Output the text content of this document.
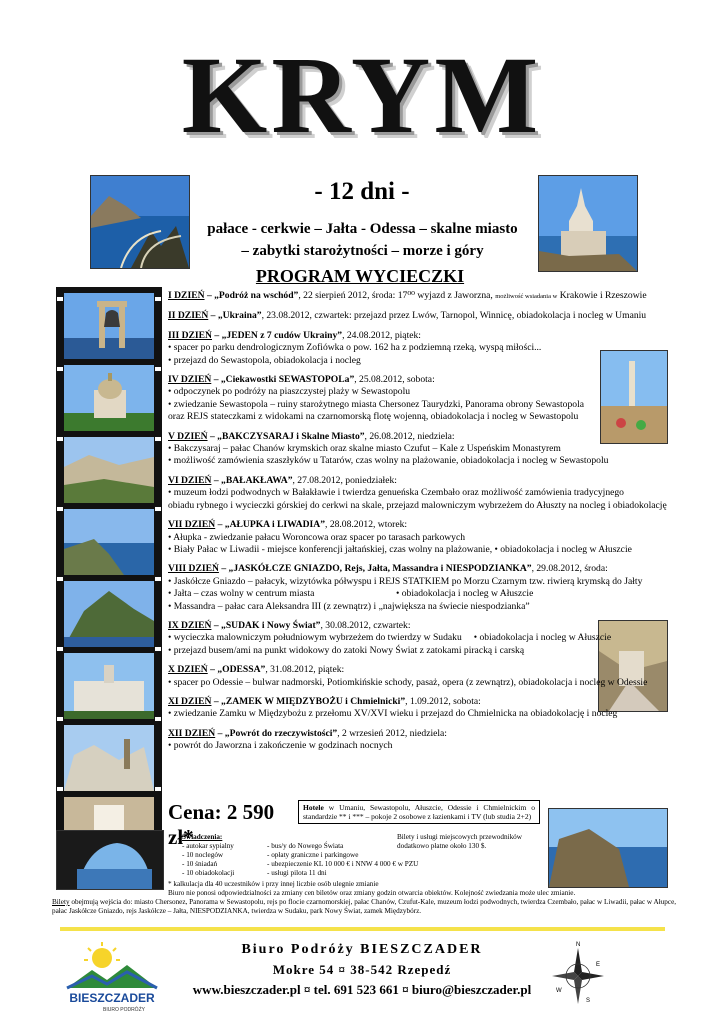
KRYM
- 12 dni -
pałace - cerkwie – Jałta - Odessa – skalne miasto
– zabytki starożytności – morze i góry
PROGRAM WYCIECZKI
I DZIEŃ – „Podróż na wschód”, 22 sierpień 2012, środa: 17⁰⁰ wyjazd z Jaworzna, możliwość wsiadania w Krakowie i Rzeszowie
II DZIEŃ – „Ukraina”, 23.08.2012, czwartek: przejazd przez Lwów, Tarnopol, Winnicę, obiadokolacja i nocleg w Umaniu
III DZIEŃ – „JEDEN z 7 cudów Ukrainy”, 24.08.2012, piątek:
• spacer po parku dendrologicznym Zofiówka o pow. 162 ha z podziemną rzeką, wyspą miłości...
• przejazd do Sewastopola, obiadokolacja i nocleg
IV DZIEŃ – „Ciekawostki SEWASTOPOLa”, 25.08.2012, sobota:
• odpoczynek po podróży na piaszczystej plaży w Sewastopolu
• zwiedzanie Sewastopola – ruiny starożytnego miasta Chersonez Taurydzki, Panorama obrony Sewastopola
oraz REJS stateczkami z widokami na czarnomorską flotę wojenną, obiadokolacja i nocleg w Sewastopolu
V DZIEŃ – „BAKCZYSARAJ i Skalne Miasto”, 26.08.2012, niedziela:
• Bakczysaraj – pałac Chanów krymskich oraz skalne miasto Czufut – Kale z Uspeńskim Monastyrem
• możliwość zamówienia szaszłyków u Tatarów, czas wolny na plażowanie, obiadokolacja i nocleg w Sewastopolu
VI DZIEŃ – „BAŁAKŁAWA”, 27.08.2012, poniedziałek:
• muzeum łodzi podwodnych w Bałakławie i twierdza genueńska Czembało oraz możliwość zamówienia tradycyjnego
obiadu rybnego i wycieczki górskiej do cerkwi na skale, przejazd malowniczym wybrzeżem do Ałuszty na nocleg i obiadokolację
VII DZIEŃ – „AŁUPKA i LIWADIA”, 28.08.2012, wtorek:
• Ałupka - zwiedzanie pałacu Woroncowa oraz spacer po tarasach parkowych
• Biały Pałac w Liwadii - miejsce konferencji jałtańskiej, czas wolny na plażowanie, • obiadokolacja i nocleg w Ałuszcie
VIII DZIEŃ – „JASKÓŁCZE GNIAZDO, Rejs, Jałta, Massandra i NIESPODZIANKA”, 29.08.2012, środa:
• Jaskółcze Gniazdo – pałacyk, wizytówka półwyspu i REJS STATKIEM po Morzu Czarnym tzw. riwierą krymską do Jałty
• Jałta – czas wolny w centrum miasta                                  • obiadokolacja i nocleg w Ałuszcie
• Massandra – pałac cara Aleksandra III (z zewnątrz) i „największa na świecie niespodzianka”
IX DZIEŃ – „SUDAK i Nowy Świat”, 30.08.2012, czwartek:
• wycieczka malowniczym południowym wybrzeżem do twierdzy w Sudaku     • obiadokolacja i nocleg w Ałuszcie
• przejazd busem/ami na punkt widokowy do zatoki Nowy Świat z zatokami piracką i carską
X DZIEŃ – „ODESSA”, 31.08.2012, piątek:
• spacer po Odessie – bulwar nadmorski, Potiomkińskie schody, pasaż, opera (z zewnątrz), obiadokolacja i nocleg w Odessie
XI DZIEŃ – „ZAMEK W MIĘDZYBOŻU i Chmielnicki”, 1.09.2012, sobota:
• zwiedzanie Zamku w Międzybożu z przełomu XV/XVI wieku i przejazd do Chmielnicka na obiadokolację i nocleg
XII DZIEŃ – „Powrót do rzeczywistości”, 2 wrzesień 2012, niedziela:
• powrót do Jaworzna i zakończenie w godzinach nocnych
Cena: 2 590 zł*
Hotele w Umaniu, Sewastopolu, Ałuszcie, Odessie i Chmielnickim o standardzie ** i *** – pokoje 2 osobowe z łazienkami i TV (lub studia 2+2)
Świadczenia:
- autokar sypialny
- 10 noclegów
- 10 śniadań
- 10 obiadokolacji
- bus/y do Nowego Świata
- opłaty graniczne i parkingowe
- ubezpieczenie KL 10 000 € i NNW 4 000 € w PZU
- usługi pilota 11 dni
Bilety i usługi miejscowych przewodników dodatkowo płatne około 130 $.
* kalkulacja dla 40 uczestników i przy innej liczbie osób ulegnie zmianie
Biuro nie ponosi odpowiedzialności za zmiany cen biletów oraz zmiany godzin otwarcia obiektów. Kolejność zwiedzania może ulec zmianie.
Bilety obejmują wejścia do: miasto Chersonez, Panorama w Sewastopolu, rejs po flocie czarnomorskiej, pałac Chanów, Czufut-Kale, muzeum łodzi podwodnych, twierdza Czembało, pałac w Liwadii, pałac w Ałupce, pałac Jaskółcze Gniazdo, rejs Jaskółcze – Jałta, NIESPODZIANKA, twierdza w Sudaku, park Nowy Świat, zamek Międzybórz.
BIESZCZADER
BIURO PODRÓŻY
Biuro Podróży BIESZCZADER
Mokre 54 ¤ 38-542 Rzepedź
www.bieszczader.pl ¤ tel. 691 523 661 ¤ biuro@bieszczader.pl
N
E
S
W
